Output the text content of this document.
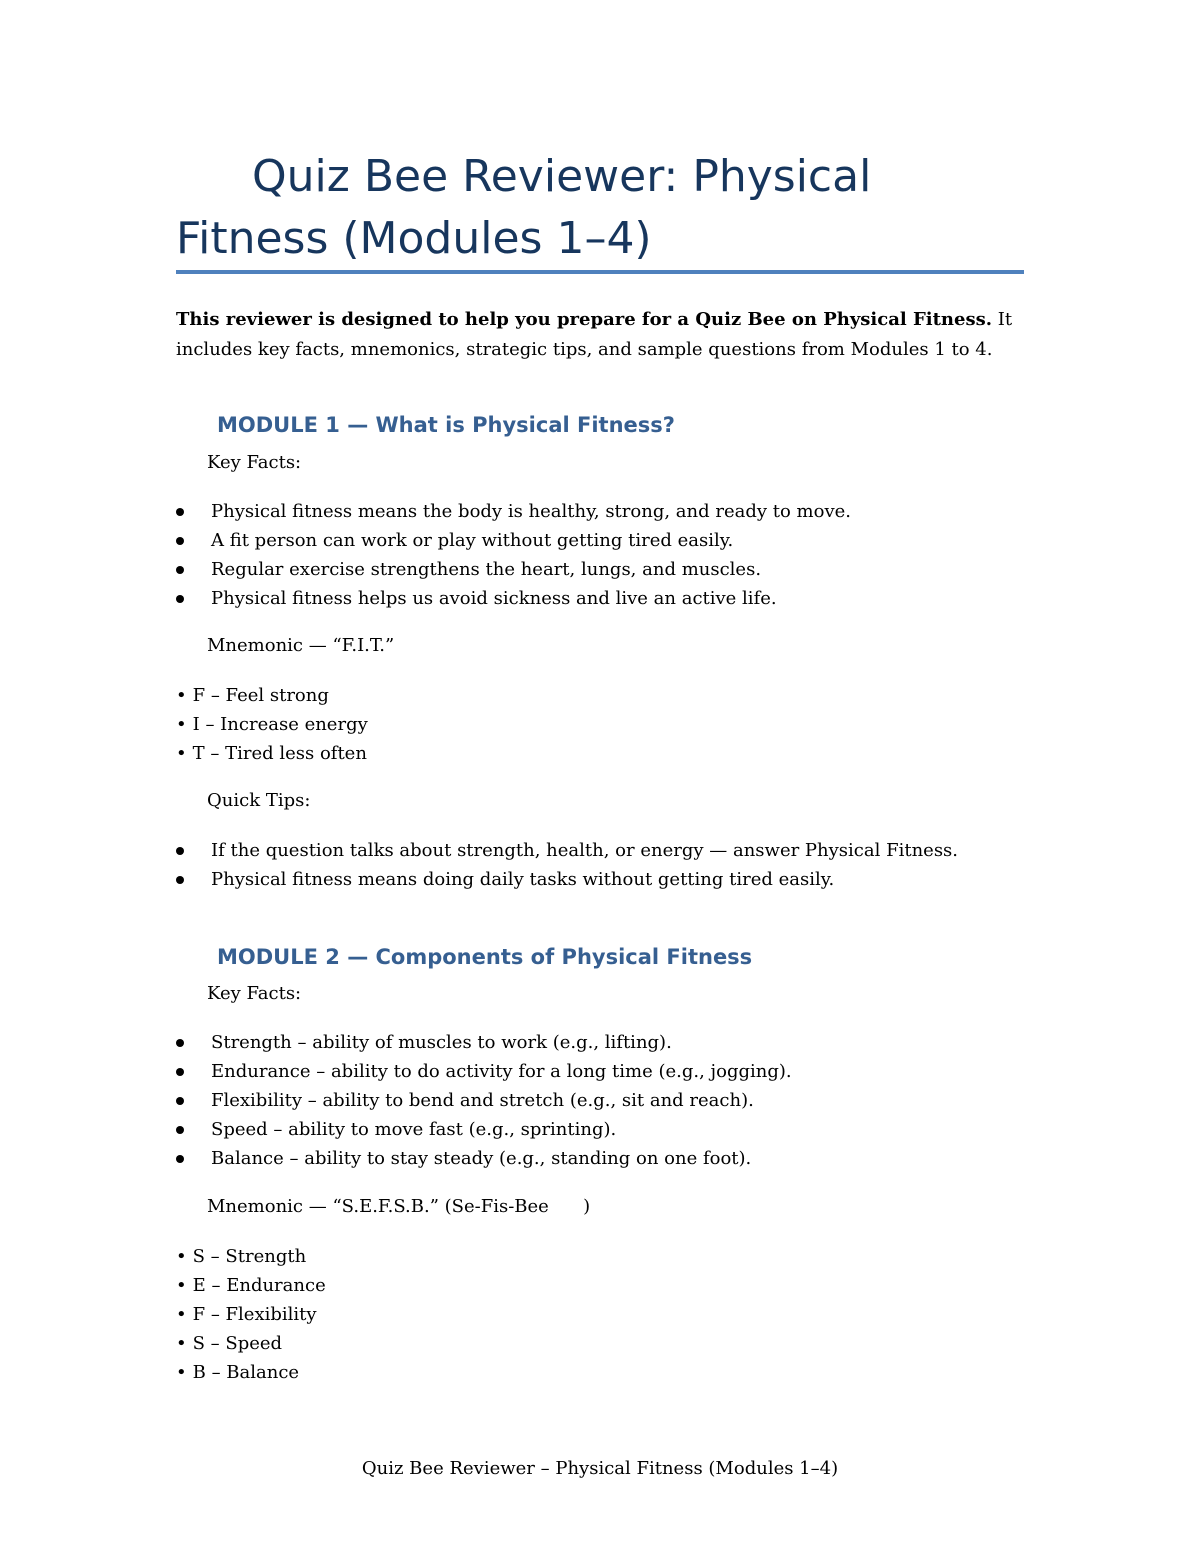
Quiz Bee Reviewer: Physical Fitness (Modules 1–4)

This reviewer is designed to help you prepare for a Quiz Bee on Physical Fitness. It includes key facts, mnemonics, strategic tips, and sample questions from Modules 1 to 4.

MODULE 1 — What is Physical Fitness?
Key Facts:
Physical fitness means the body is healthy, strong, and ready to move.
A fit person can work or play without getting tired easily.
Regular exercise strengthens the heart, lungs, and muscles.
Physical fitness helps us avoid sickness and live an active life.
Mnemonic — “F.I.T.”
• F – Feel strong
• I – Increase energy
• T – Tired less often
Quick Tips:
If the question talks about strength, health, or energy — answer Physical Fitness.
Physical fitness means doing daily tasks without getting tired easily.
MODULE 2 — Components of Physical Fitness
Key Facts:
Strength – ability of muscles to work (e.g., lifting).
Endurance – ability to do activity for a long time (e.g., jogging).
Flexibility – ability to bend and stretch (e.g., sit and reach).
Speed – ability to move fast (e.g., sprinting).
Balance – ability to stay steady (e.g., standing on one foot).
Mnemonic — “S.E.F.S.B.” (Se-Fis-Bee      )
• S – Strength
• E – Endurance
• F – Flexibility
• S – Speed
• B – Balance
Quiz Bee Reviewer – Physical Fitness (Modules 1–4)
